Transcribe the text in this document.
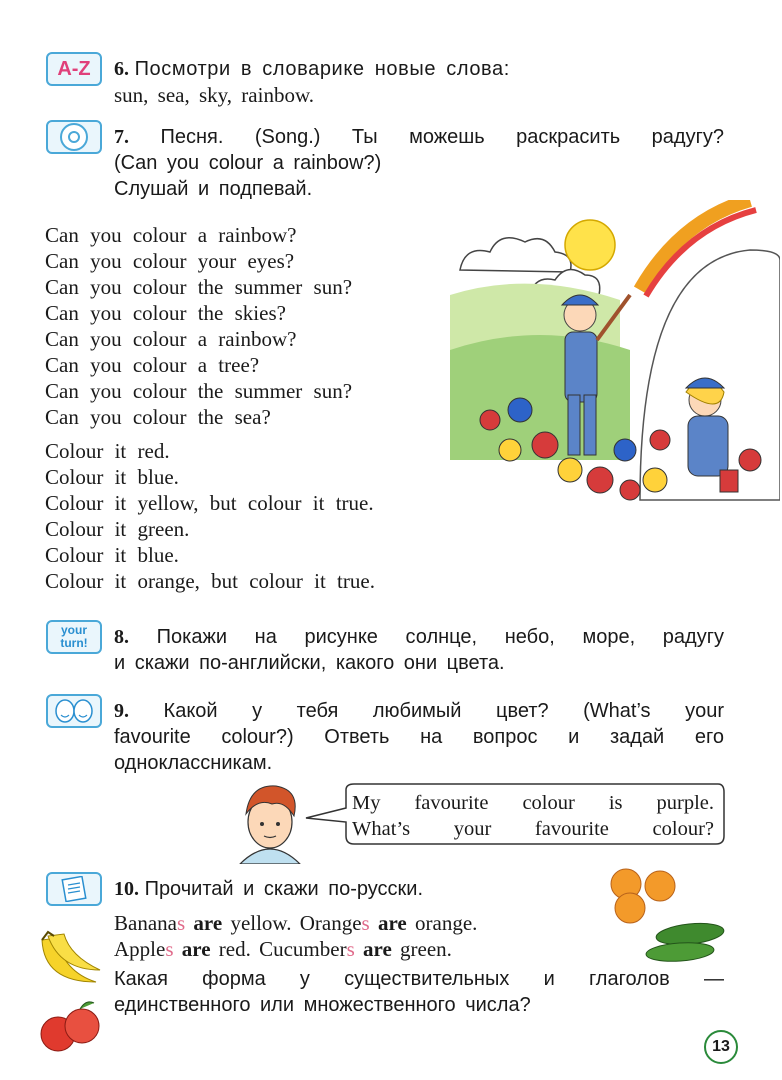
A-Z 6. Посмотри в словарике новые слова:
sun, sea, sky, rainbow.
7. Песня. (Song.) Ты можешь раскрасить радугу?
(Can you colour a rainbow?)
Слушай и подпевай.
Can you colour a rainbow?
Can you colour your eyes?
Can you colour the summer sun?
Can you colour the skies?
Can you colour a rainbow?
Can you colour a tree?
Can you colour the summer sun?
Can you colour the sea?
Colour it red.
Colour it blue.
Colour it yellow, but colour it true.
Colour it green.
Colour it blue.
Colour it orange, but colour it true.
your
turn! 8. Покажи на рисунке солнце, небо, море, радугу
и скажи по-английски, какого они цвета.
9. Какой у тебя любимый цвет? (What’s your
favourite colour?) Ответь на вопрос и задай его
одноклассникам.
My favourite colour is purple.
What’s your favourite colour?
10. Прочитай и скажи по-русски.
Bananas are yellow. Oranges are orange.
Apples are red. Cucumbers are green.
Какая форма у существительных и глаголов —
единственного или множественного числа?
13
